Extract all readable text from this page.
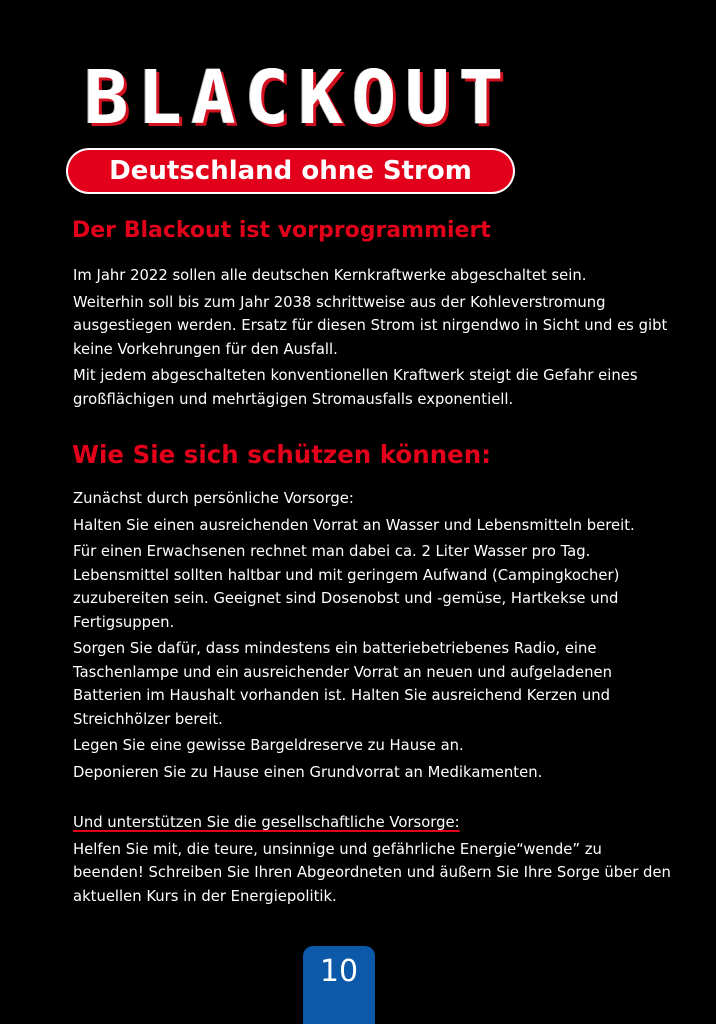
BLACKOUT
Deutschland ohne Strom
Der Blackout ist vorprogrammiert

Im Jahr 2022 sollen alle deutschen Kernkraftwerke abgeschaltet sein.

Weiterhin soll bis zum Jahr 2038 schrittweise aus der Kohleverstromung ausgestiegen werden. Ersatz für diesen Strom ist nirgendwo in Sicht und es gibt keine Vorkehrungen für den Ausfall.

Mit jedem abgeschalteten konventionellen Kraftwerk steigt die Gefahr eines großflächigen und mehrtägigen Stromausfalls exponentiell.

Wie Sie sich schützen können:

Zunächst durch persönliche Vorsorge:

Halten Sie einen ausreichenden Vorrat an Wasser und Lebensmitteln bereit.

Für einen Erwachsenen rechnet man dabei ca. 2 Liter Wasser pro Tag. Lebensmittel sollten haltbar und mit geringem Aufwand (Campingkocher) zuzubereiten sein. Geeignet sind Dosenobst und -gemüse, Hartkekse und Fertigsuppen.

Sorgen Sie dafür, dass mindestens ein batteriebetriebenes Radio, eine Taschenlampe und ein ausreichender Vorrat an neuen und aufgeladenen Batterien im Haushalt vorhanden ist. Halten Sie ausreichend Kerzen und Streichhölzer bereit.

Legen Sie eine gewisse Bargeldreserve zu Hause an.

Deponieren Sie zu Hause einen Grundvorrat an Medikamenten.

Und unterstützen Sie die gesellschaftliche Vorsorge:

Helfen Sie mit, die teure, unsinnige und gefährliche Energie“wende” zu beenden! Schreiben Sie Ihren Abgeordneten und äußern Sie Ihre Sorge über den aktuellen Kurs in der Energiepolitik.

10
